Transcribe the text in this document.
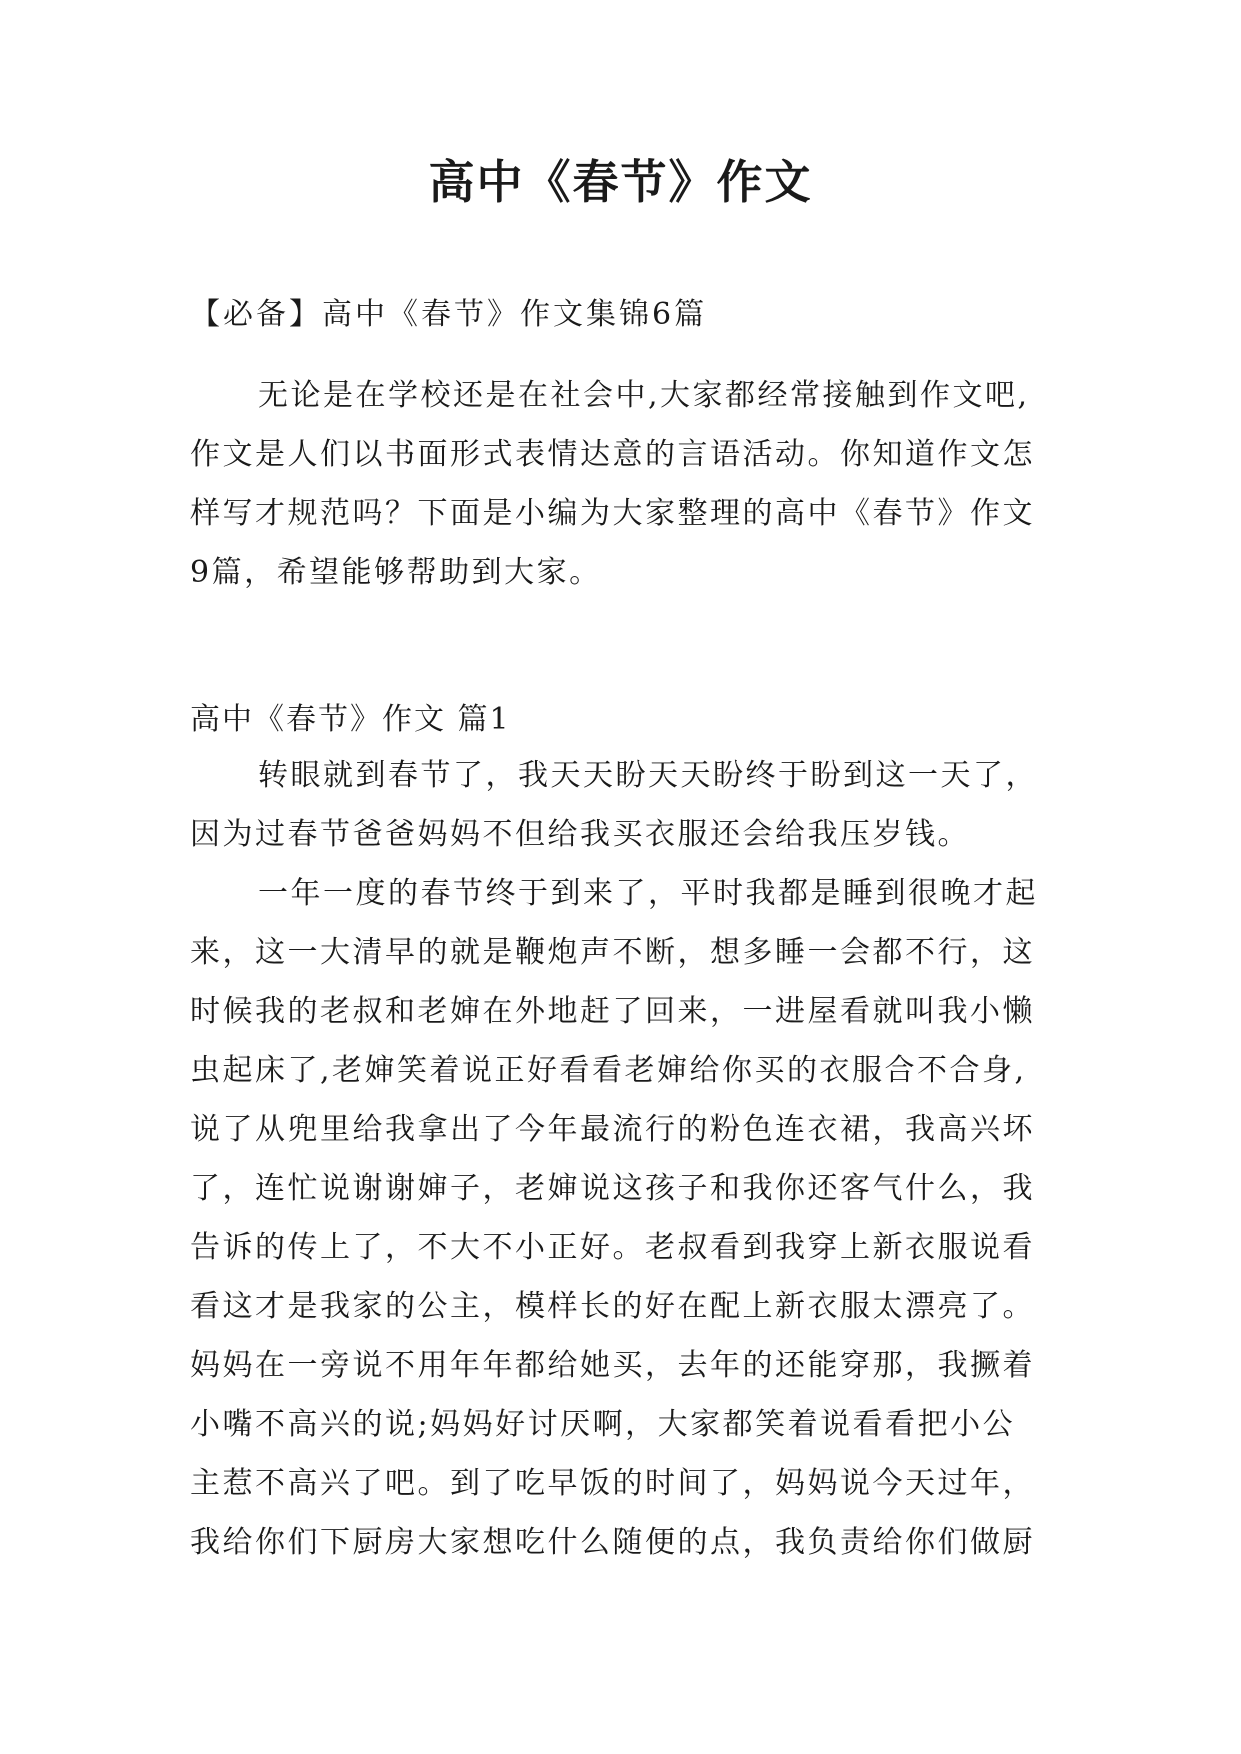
高中《春节》作文

【必备】高中《春节》作文集锦6篇

无论是在学校还是在社会中,大家都经常接触到作文吧,
作文是人们以书面形式表情达意的言语活动。你知道作文怎
样写才规范吗？下面是小编为大家整理的高中《春节》作文
9篇，希望能够帮助到大家。

高中《春节》作文 篇1

转眼就到春节了，我天天盼天天盼终于盼到这一天了，
因为过春节爸爸妈妈不但给我买衣服还会给我压岁钱。
一年一度的春节终于到来了，平时我都是睡到很晚才起
来，这一大清早的就是鞭炮声不断，想多睡一会都不行，这
时候我的老叔和老婶在外地赶了回来，一进屋看就叫我小懒
虫起床了,老婶笑着说正好看看老婶给你买的衣服合不合身,
说了从兜里给我拿出了今年最流行的粉色连衣裙，我高兴坏
了，连忙说谢谢婶子，老婶说这孩子和我你还客气什么，我
告诉的传上了，不大不小正好。老叔看到我穿上新衣服说看
看这才是我家的公主，模样长的好在配上新衣服太漂亮了。
妈妈在一旁说不用年年都给她买，去年的还能穿那，我撅着
小嘴不高兴的说;妈妈好讨厌啊，大家都笑着说看看把小公
主惹不高兴了吧。到了吃早饭的时间了，妈妈说今天过年，
我给你们下厨房大家想吃什么随便的点，我负责给你们做厨
